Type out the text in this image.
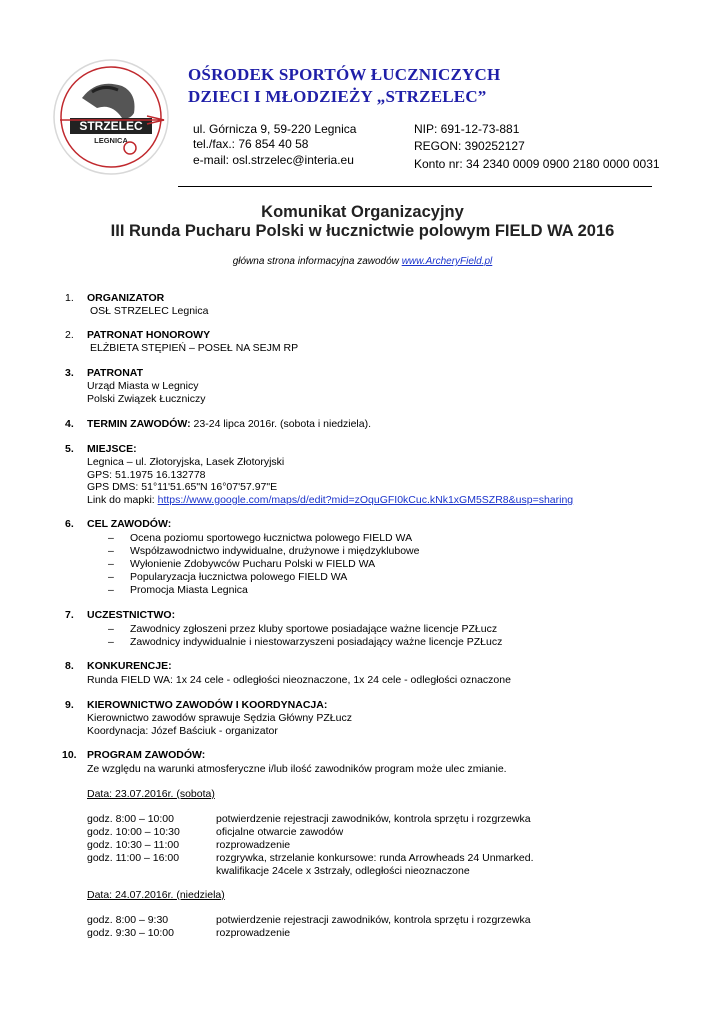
STRZELEC
LEGNICA
OŚRODEK SPORTÓW ŁUCZNICZYCH
DZIECI I MŁODZIEŻY „STRZELEC”
ul. Górnicza 9, 59-220 Legnica
tel./fax.: 76 854 40 58
e-mail: osl.strzelec@interia.eu
NIP: 691-12-73-881
REGON: 390252127
Konto nr: 34 2340 0009 0900 2180 0000 0031
Komunikat Organizacyjny
III Runda Pucharu Polski w łucznictwie polowym FIELD WA 2016
główna strona informacyjna zawodów www.ArcheryField.pl
1. ORGANIZATOR
OSŁ STRZELEC Legnica
2. PATRONAT HONOROWY
ELŻBIETA STĘPIEŃ – POSEŁ NA SEJM RP
3. PATRONAT
Urząd Miasta w Legnicy
Polski Związek Łuczniczy
4. TERMIN ZAWODÓW: 23-24 lipca 2016r. (sobota i niedziela).
5. MIEJSCE:
Legnica – ul. Złotoryjska, Lasek Złotoryjski
GPS: 51.1975 16.132778
GPS DMS: 51°11'51.65"N 16°07'57.97"E
Link do mapki: https://www.google.com/maps/d/edit?mid=zOquGFI0kCuc.kNk1xGM5SZR8&usp=sharing
6. CEL ZAWODÓW:
– Ocena poziomu sportowego łucznictwa polowego FIELD WA
– Współzawodnictwo indywidualne, drużynowe i międzyklubowe
– Wyłonienie Zdobywców Pucharu Polski w FIELD WA
– Popularyzacja łucznictwa polowego FIELD WA
– Promocja Miasta Legnica
7. UCZESTNICTWO:
– Zawodnicy zgłoszeni przez kluby sportowe posiadające ważne licencje PZŁucz
– Zawodnicy indywidualnie i niestowarzyszeni posiadający ważne licencje PZŁucz
8. KONKURENCJE:
Runda FIELD WA: 1x 24 cele - odległości nieoznaczone, 1x 24 cele - odległości oznaczone
9. KIEROWNICTWO ZAWODÓW I KOORDYNACJA:
Kierownictwo zawodów sprawuje Sędzia Główny PZŁucz
Koordynacja: Józef Baściuk - organizator
10. PROGRAM ZAWODÓW:
Ze względu na warunki atmosferyczne i/lub ilość zawodników program może ulec zmianie.
Data: 23.07.2016r. (sobota)
godz. 8:00 – 10:00	potwierdzenie rejestracji zawodników, kontrola sprzętu i rozgrzewka
godz. 10:00 – 10:30	oficjalne otwarcie zawodów
godz. 10:30 – 11:00	rozprowadzenie
godz. 11:00 – 16:00	rozgrywka, strzelanie konkursowe: runda Arrowheads 24 Unmarked.
kwalifikacje 24cele x 3strzały, odległości nieoznaczone
Data: 24.07.2016r. (niedziela)
godz. 8:00 – 9:30	potwierdzenie rejestracji zawodników, kontrola sprzętu i rozgrzewka
godz. 9:30 – 10:00	rozprowadzenie
